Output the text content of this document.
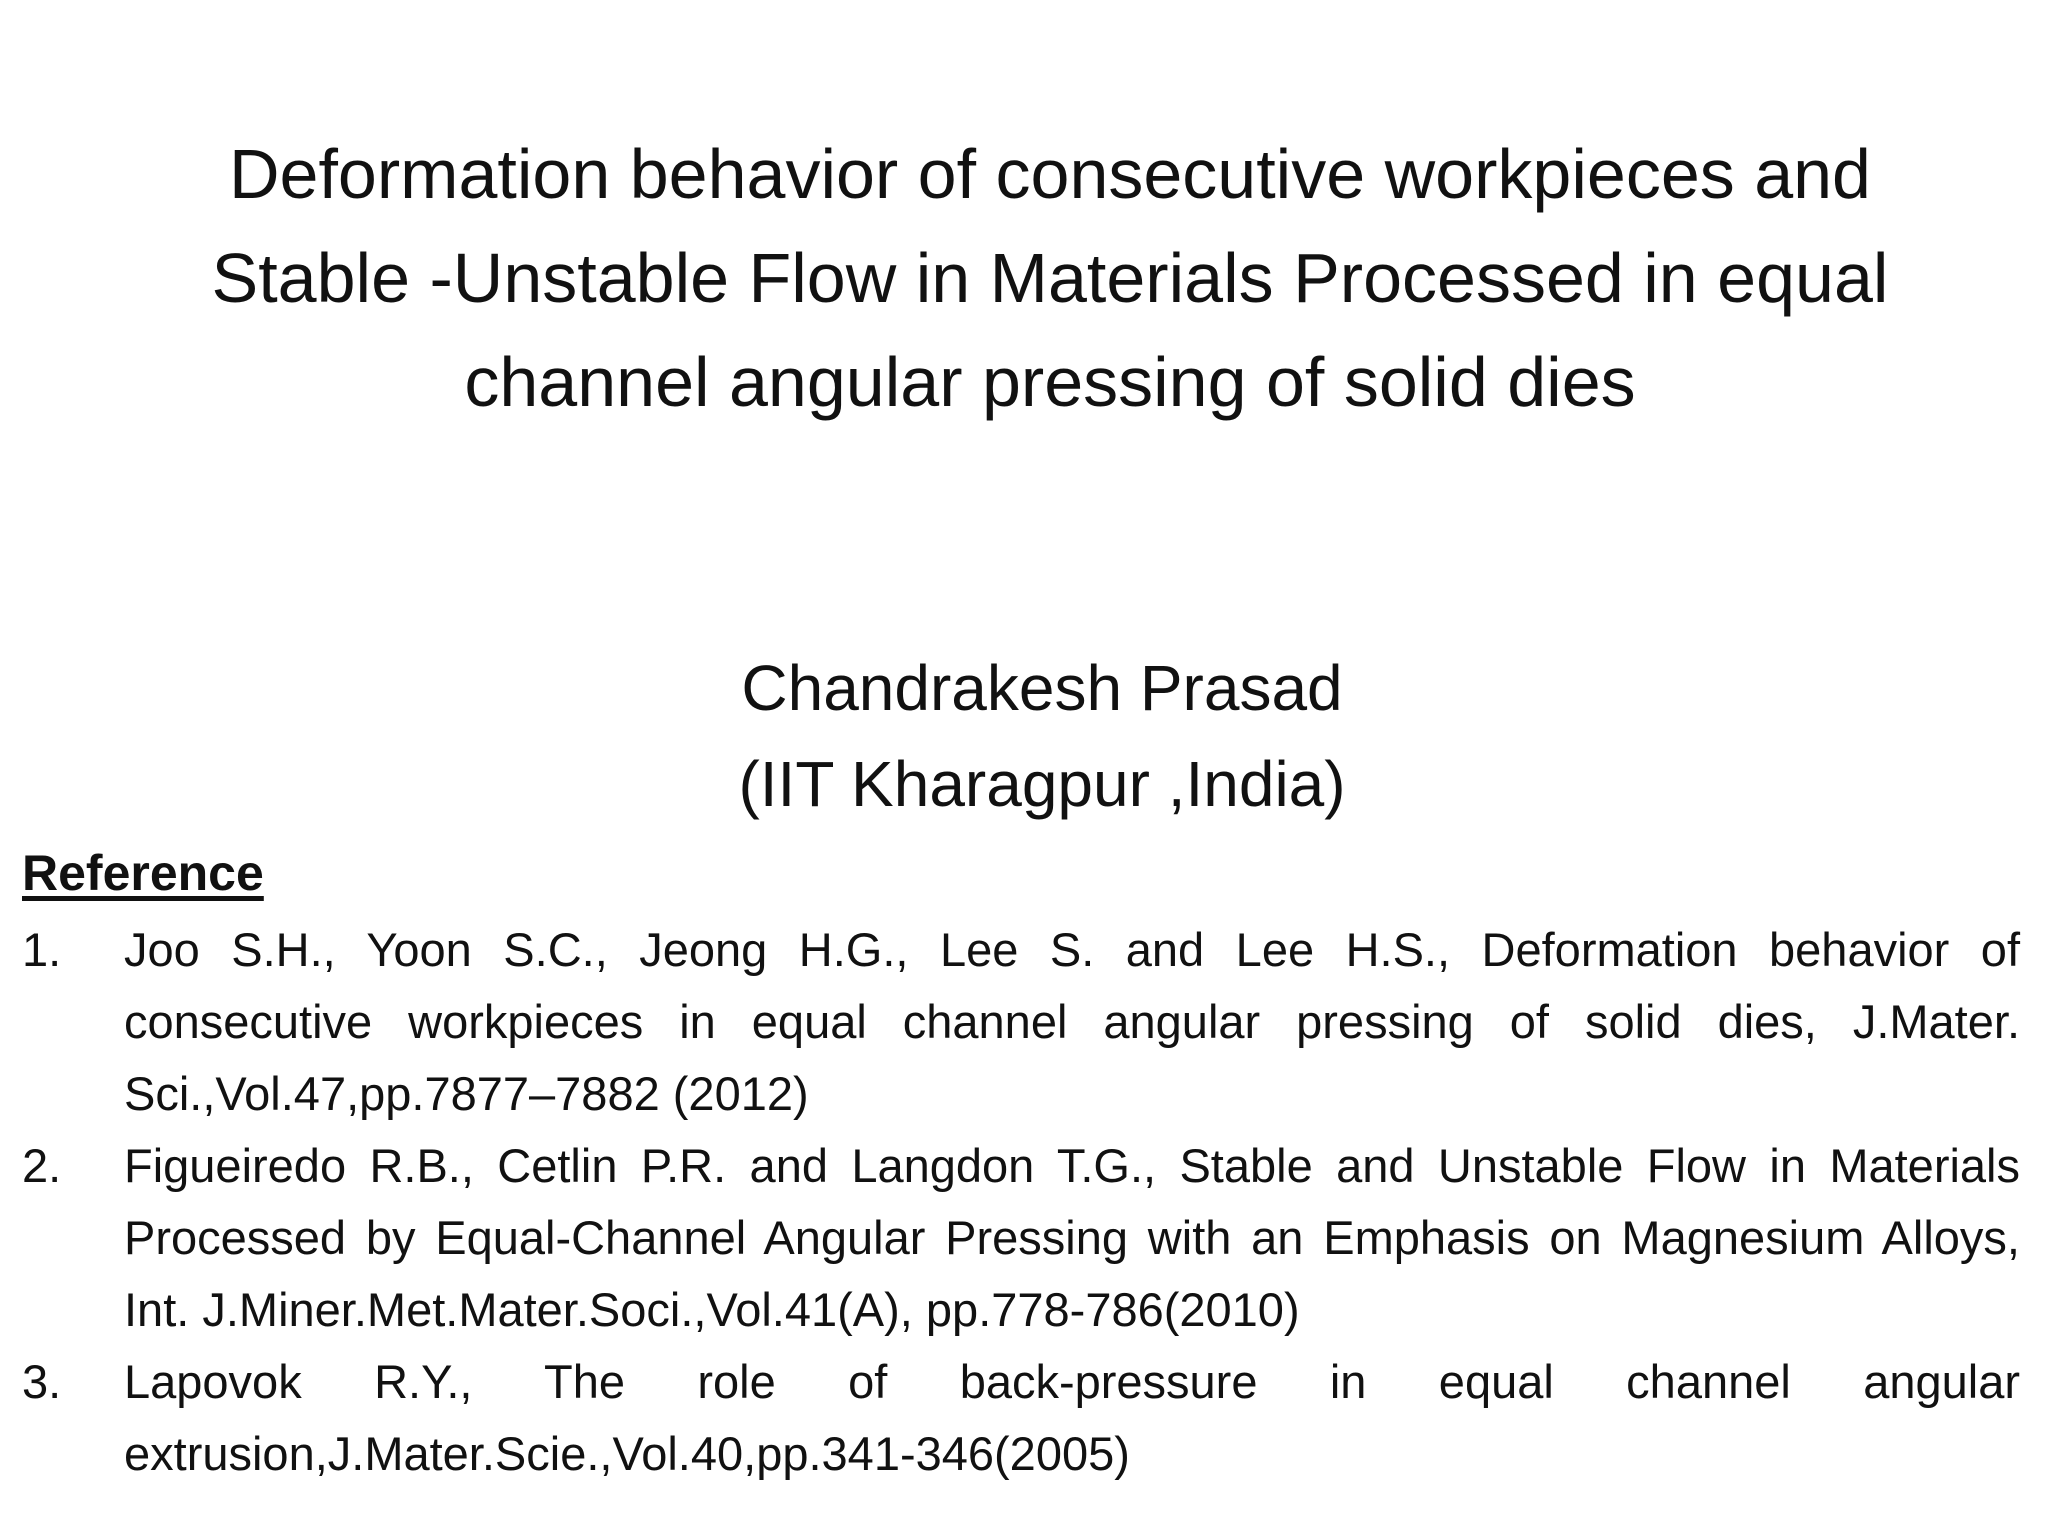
Deformation behavior of consecutive workpieces and
Stable -Unstable Flow in Materials Processed in equal
channel angular pressing of solid dies
Chandrakesh Prasad
(IIT Kharagpur ,India)
Reference
1.	Joo S.H., Yoon S.C., Jeong H.G., Lee S. and Lee H.S., Deformation behavior of consecutive workpieces in equal channel angular pressing of solid dies, J.Mater. Sci.,Vol.47,pp.7877–7882 (2012)
2.	Figueiredo R.B., Cetlin P.R. and Langdon T.G., Stable and Unstable Flow in Materials Processed by Equal-Channel Angular Pressing with an Emphasis on Magnesium Alloys, Int. J.Miner.Met.Mater.Soci.,Vol.41(A), pp.778-786(2010)
3.	Lapovok R.Y., The role of back-pressure in equal channel angular extrusion,J.Mater.Scie.,Vol.40,pp.341-346(2005)
